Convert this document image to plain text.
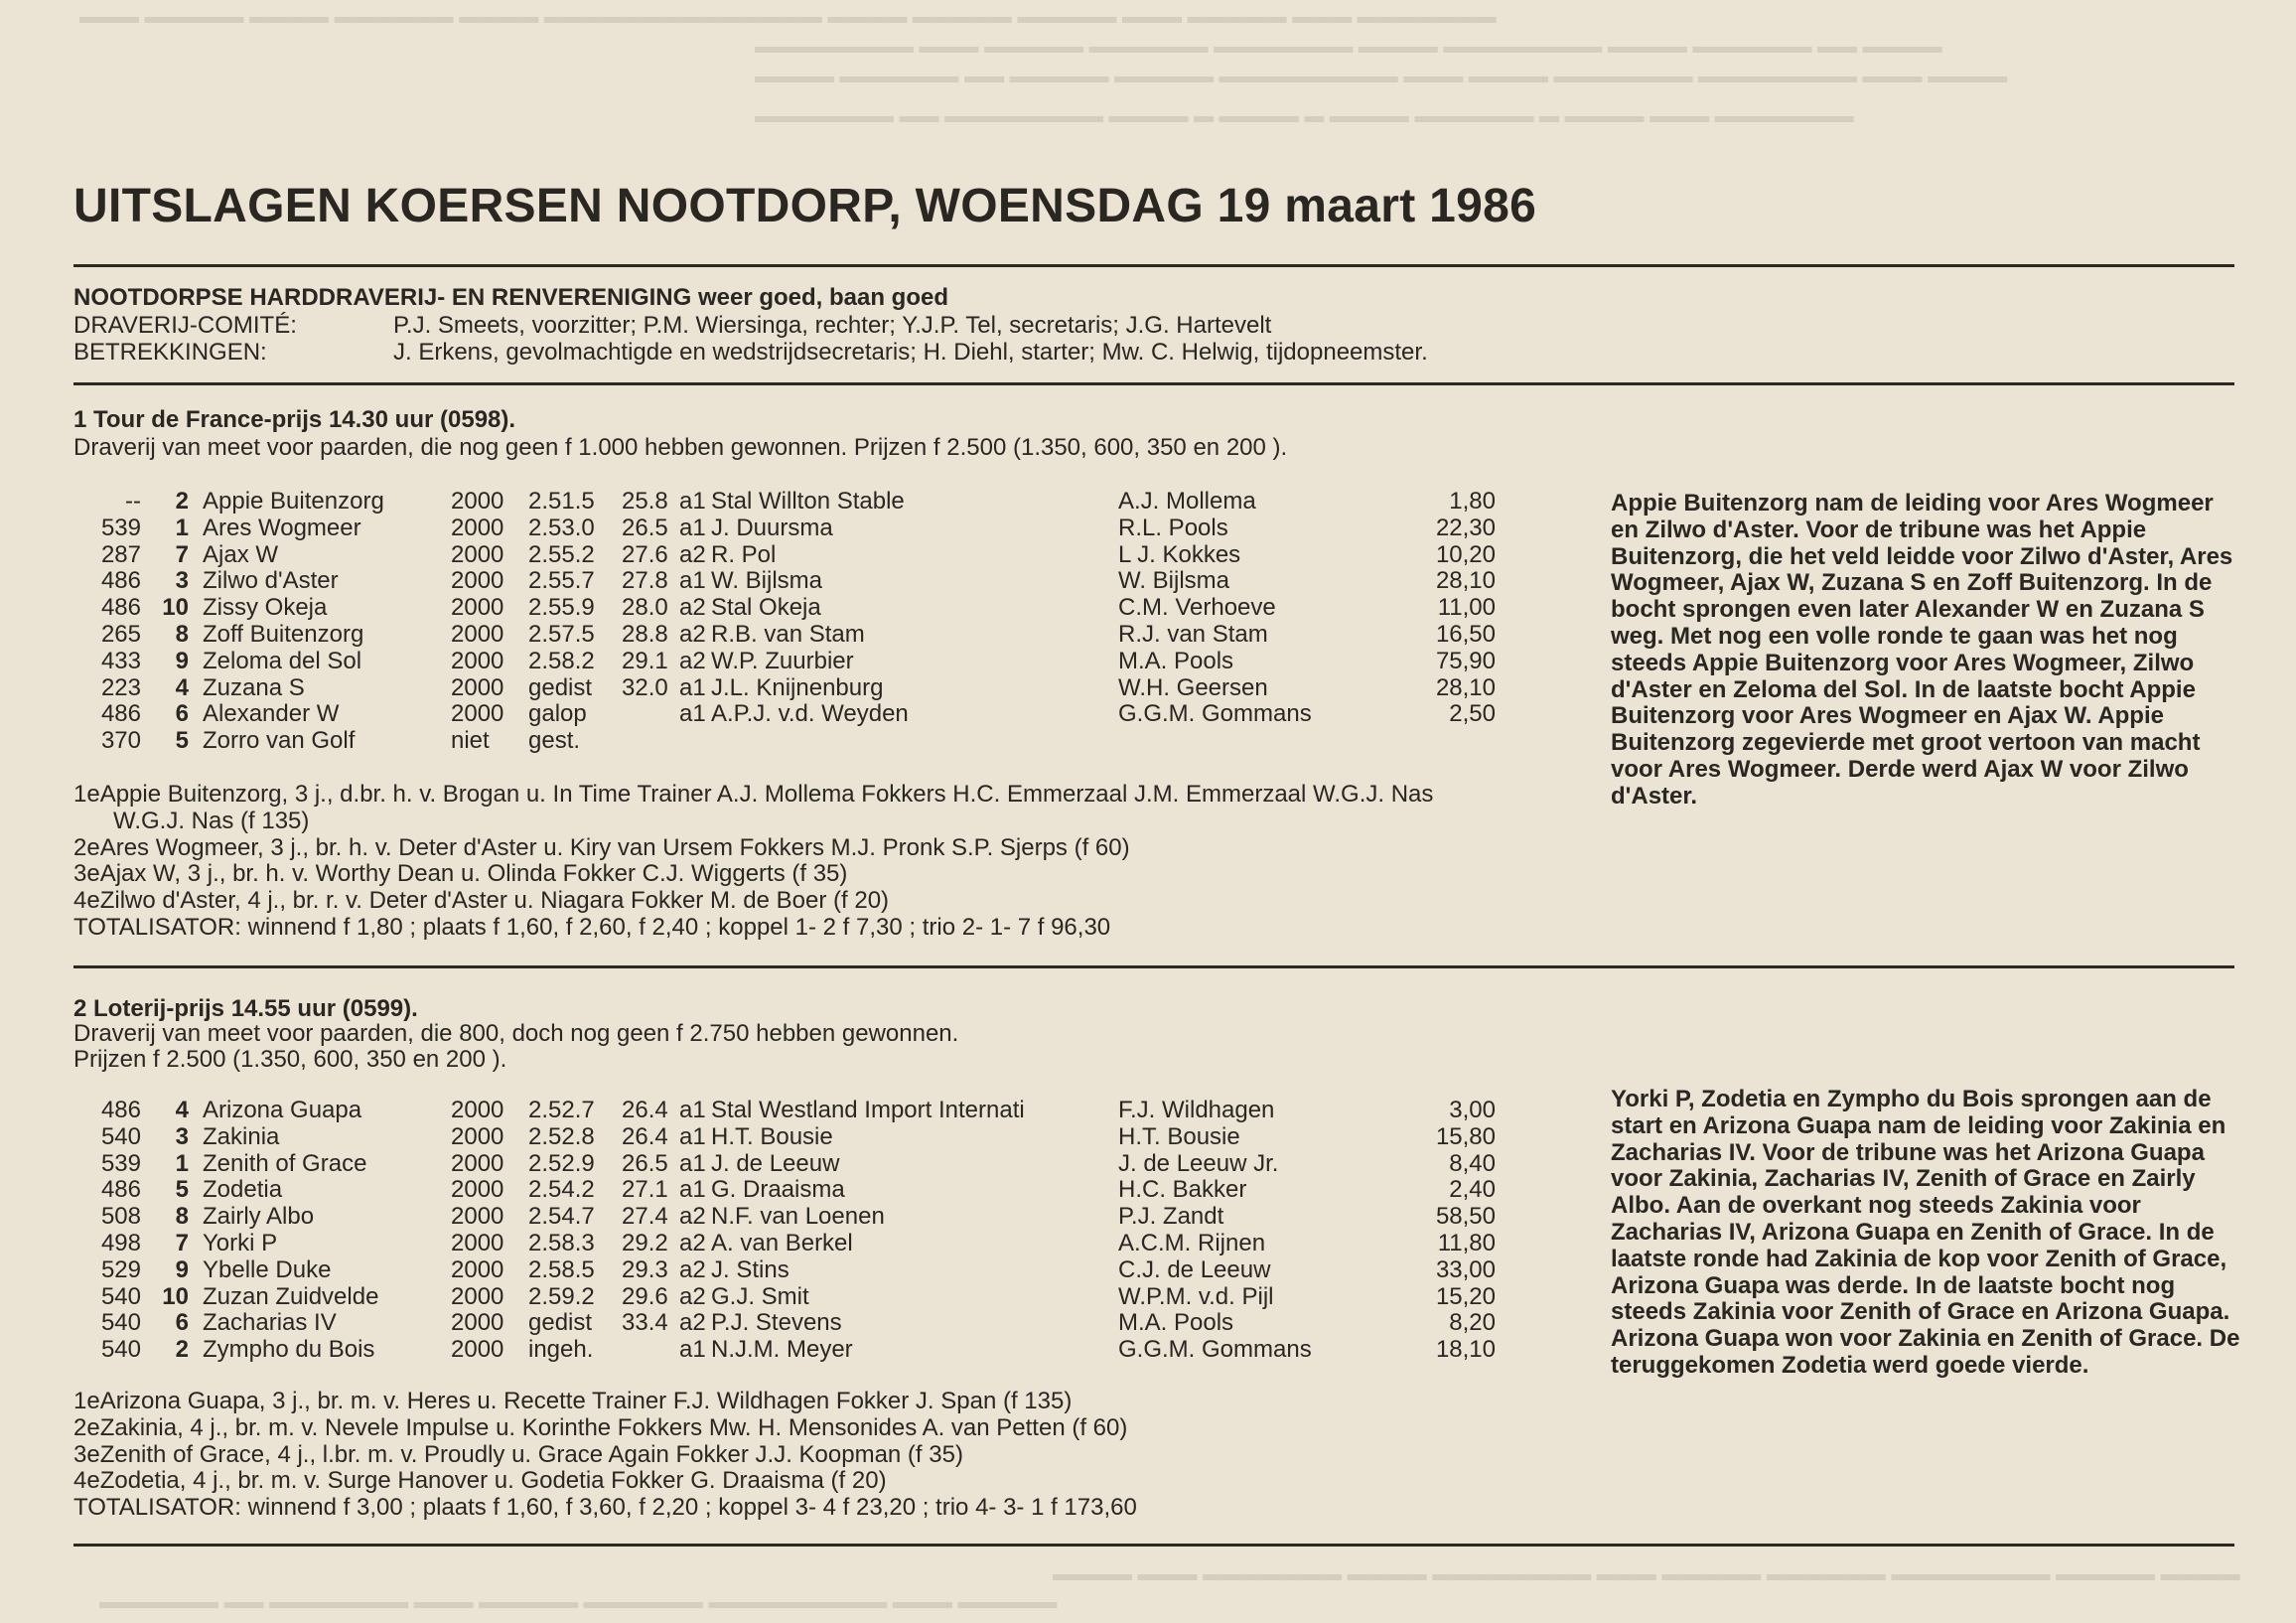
▬▬▬ ▬▬▬▬▬ ▬▬▬▬ ▬▬▬▬▬▬ ▬▬▬▬ ▬▬▬▬▬▬▬▬▬▬▬▬▬▬ ▬▬▬▬ ▬▬▬▬▬ ▬▬▬▬▬ ▬▬▬ ▬▬▬▬▬ ▬▬▬ ▬▬▬▬▬▬▬
▬▬▬▬▬▬▬▬ ▬▬▬ ▬▬▬▬▬ ▬▬▬▬▬▬ ▬▬▬▬▬▬▬ ▬▬▬▬ ▬▬▬▬▬▬▬▬ ▬▬▬▬ ▬▬▬▬▬▬ ▬▬ ▬▬▬▬
▬▬▬▬ ▬▬▬▬▬▬ ▬▬ ▬▬▬▬▬ ▬▬▬▬▬ ▬▬▬▬▬▬▬▬▬ ▬▬▬ ▬▬▬▬ ▬▬▬▬▬▬▬ ▬▬▬▬▬▬▬▬ ▬▬▬ ▬▬▬▬
▬▬▬▬▬▬▬ ▬▬ ▬▬▬▬▬▬▬▬ ▬▬▬▬ ▬ ▬▬▬▬ ▬ ▬▬▬▬ ▬▬▬▬▬▬ ▬ ▬▬▬▬ ▬▬▬ ▬▬▬▬▬▬▬
UITSLAGEN KOERSEN NOOTDORP, WOENSDAG 19 maart 1986
NOOTDORPSE HARDDRAVERIJ- EN RENVERENIGING weer goed, baan goed
DRAVERIJ-COMITÉ:	P.J. Smeets, voorzitter; P.M. Wiersinga, rechter; Y.J.P. Tel, secretaris; J.G. Hartevelt
BETREKKINGEN:	J. Erkens, gevolmachtigde en wedstrijdsecretaris; H. Diehl, starter; Mw. C. Helwig, tijdopneemster.
1 Tour de France-prijs 14.30 uur (0598).
Draverij van meet voor paarden, die nog geen f 1.000 hebben gewonnen. Prijzen f 2.500 (1.350, 600, 350 en 200 ).
--	2	Appie Buitenzorg	2000	2.51.5	25.8	a1	Stal Willton Stable	A.J. Mollema	1,80
539	1	Ares Wogmeer	2000	2.53.0	26.5	a1	J. Duursma	R.L. Pools	22,30
287	7	Ajax W	2000	2.55.2	27.6	a2	R. Pol	L J. Kokkes	10,20
486	3	Zilwo d'Aster	2000	2.55.7	27.8	a1	W. Bijlsma	W. Bijlsma	28,10
486	10	Zissy Okeja	2000	2.55.9	28.0	a2	Stal Okeja	C.M. Verhoeve	11,00
265	8	Zoff Buitenzorg	2000	2.57.5	28.8	a2	R.B. van Stam	R.J. van Stam	16,50
433	9	Zeloma del Sol	2000	2.58.2	29.1	a2	W.P. Zuurbier	M.A. Pools	75,90
223	4	Zuzana S	2000	gedist	32.0	a1	J.L. Knijnenburg	W.H. Geersen	28,10
486	6	Alexander W	2000	galop		a1	A.P.J. v.d. Weyden	G.G.M. Gommans	2,50
370	5	Zorro van Golf	niet	gest.					
1eAppie Buitenzorg, 3 j., d.br. h. v. Brogan u. In Time Trainer A.J. Mollema Fokkers H.C. Emmerzaal J.M. Emmerzaal W.G.J. Nas
W.G.J. Nas (f 135)
2eAres Wogmeer, 3 j., br. h. v. Deter d'Aster u. Kiry van Ursem Fokkers M.J. Pronk S.P. Sjerps (f 60)
3eAjax W, 3 j., br. h. v. Worthy Dean u. Olinda Fokker C.J. Wiggerts (f 35)
4eZilwo d'Aster, 4 j., br. r. v. Deter d'Aster u. Niagara Fokker M. de Boer (f 20)
TOTALISATOR: winnend f 1,80 ; plaats f 1,60, f 2,60, f 2,40 ; koppel 1- 2 f 7,30 ; trio 2- 1- 7 f 96,30
Appie Buitenzorg nam de leiding voor Ares Wogmeer en Zilwo d'Aster. Voor de tribune was het Appie Buitenzorg, die het veld leidde voor Zilwo d'Aster, Ares Wogmeer, Ajax W, Zuzana S en Zoff Buitenzorg. In de bocht sprongen even later Alexander W en Zuzana S weg. Met nog een volle ronde te gaan was het nog steeds Appie Buitenzorg voor Ares Wogmeer, Zilwo d'Aster en Zeloma del Sol. In de laatste bocht Appie Buitenzorg voor Ares Wogmeer en Ajax W. Appie Buitenzorg zegevierde met groot vertoon van macht voor Ares Wogmeer. Derde werd Ajax W voor Zilwo d'Aster.
2 Loterij-prijs 14.55 uur (0599).
Draverij van meet voor paarden, die 800, doch nog geen f 2.750 hebben gewonnen.
Prijzen f 2.500 (1.350, 600, 350 en 200 ).
486	4	Arizona Guapa	2000	2.52.7	26.4	a1	Stal Westland Import Internati	F.J. Wildhagen	3,00
540	3	Zakinia	2000	2.52.8	26.4	a1	H.T. Bousie	H.T. Bousie	15,80
539	1	Zenith of Grace	2000	2.52.9	26.5	a1	J. de Leeuw	J. de Leeuw Jr.	8,40
486	5	Zodetia	2000	2.54.2	27.1	a1	G. Draaisma	H.C. Bakker	2,40
508	8	Zairly Albo	2000	2.54.7	27.4	a2	N.F. van Loenen	P.J. Zandt	58,50
498	7	Yorki P	2000	2.58.3	29.2	a2	A. van Berkel	A.C.M. Rijnen	11,80
529	9	Ybelle Duke	2000	2.58.5	29.3	a2	J. Stins	C.J. de Leeuw	33,00
540	10	Zuzan Zuidvelde	2000	2.59.2	29.6	a2	G.J. Smit	W.P.M. v.d. Pijl	15,20
540	6	Zacharias IV	2000	gedist	33.4	a2	P.J. Stevens	M.A. Pools	8,20
540	2	Zympho du Bois	2000	ingeh.		a1	N.J.M. Meyer	G.G.M. Gommans	18,10
1eArizona Guapa, 3 j., br. m. v. Heres u. Recette Trainer F.J. Wildhagen Fokker J. Span (f 135)
2eZakinia, 4 j., br. m. v. Nevele Impulse u. Korinthe Fokkers Mw. H. Mensonides A. van Petten (f 60)
3eZenith of Grace, 4 j., l.br. m. v. Proudly u. Grace Again Fokker J.J. Koopman (f 35)
4eZodetia, 4 j., br. m. v. Surge Hanover u. Godetia Fokker G. Draaisma (f 20)
TOTALISATOR: winnend f 3,00 ; plaats f 1,60, f 3,60, f 2,20 ; koppel 3- 4 f 23,20 ; trio 4- 3- 1 f 173,60
Yorki P, Zodetia en Zympho du Bois sprongen aan de start en Arizona Guapa nam de leiding voor Zakinia en Zacharias IV. Voor de tribune was het Arizona Guapa voor Zakinia, Zacharias IV, Zenith of Grace en Zairly Albo. Aan de overkant nog steeds Zakinia voor Zacharias IV, Arizona Guapa en Zenith of Grace. In de laatste ronde had Zakinia de kop voor Zenith of Grace, Arizona Guapa was derde. In de laatste bocht nog steeds Zakinia voor Zenith of Grace en Arizona Guapa. Arizona Guapa won voor Zakinia en Zenith of Grace. De teruggekomen Zodetia werd goede vierde.
▬▬▬▬ ▬▬▬ ▬▬▬▬▬▬▬ ▬▬▬▬ ▬▬▬▬▬▬▬▬ ▬▬▬ ▬▬▬▬▬ ▬▬▬▬▬▬ ▬▬▬▬▬▬▬▬ ▬▬▬▬▬ ▬▬▬▬
▬▬▬▬▬▬ ▬▬ ▬▬▬▬▬▬▬ ▬▬▬ ▬▬▬▬▬ ▬▬▬▬▬▬ ▬▬▬▬▬▬▬▬▬ ▬▬▬ ▬▬▬▬▬
